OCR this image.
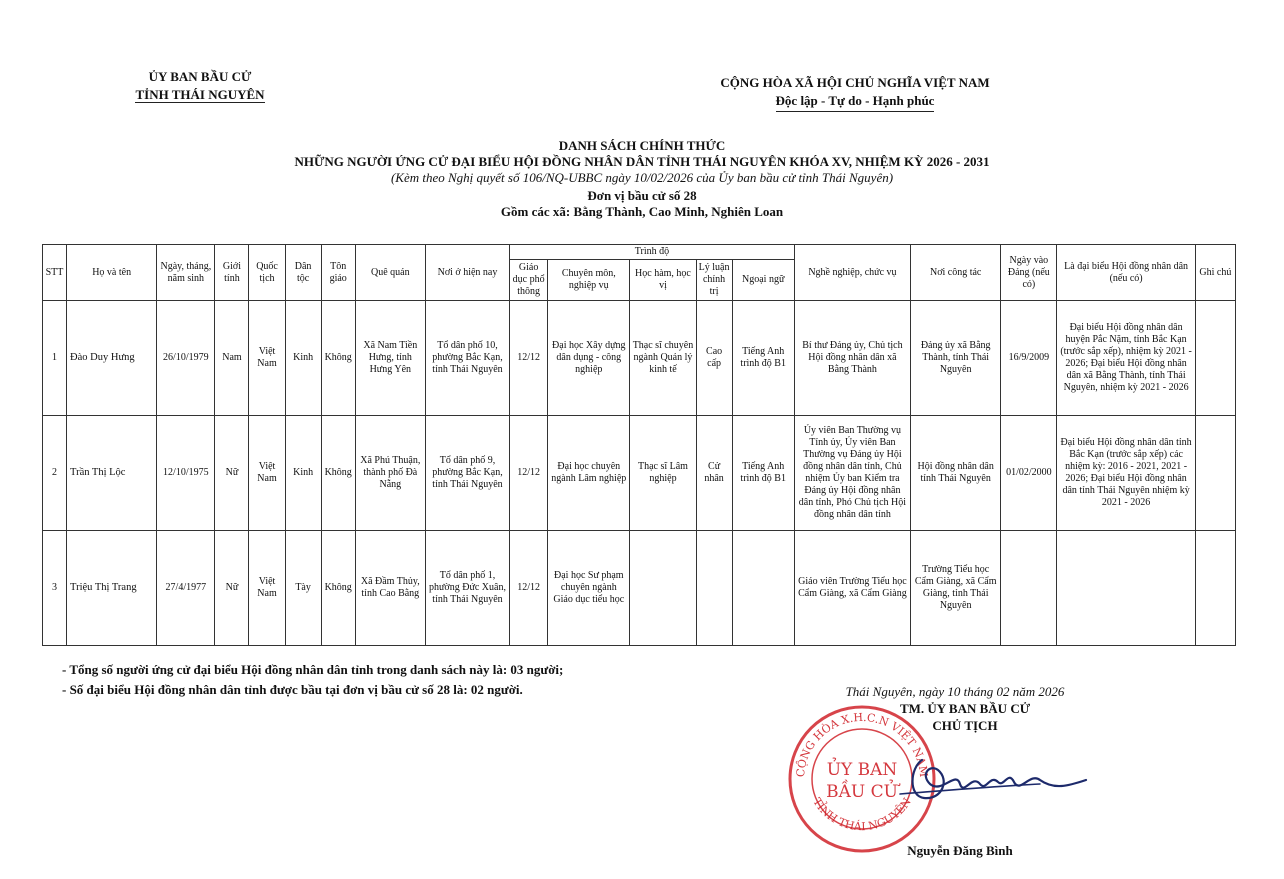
ỦY BAN BẦU CỬ
TỈNH THÁI NGUYÊN
CỘNG HÒA XÃ HỘI CHỦ NGHĨA VIỆT NAM
Độc lập - Tự do - Hạnh phúc
DANH SÁCH CHÍNH THỨC
NHỮNG NGƯỜI ỨNG CỬ ĐẠI BIỂU HỘI ĐỒNG NHÂN DÂN TỈNH THÁI NGUYÊN KHÓA XV, NHIỆM KỲ 2026 - 2031
(Kèm theo Nghị quyết số 106/NQ-UBBC ngày 10/02/2026 của Ủy ban bầu cử tỉnh Thái Nguyên)
Đơn vị bầu cử số 28
Gồm các xã: Bằng Thành, Cao Minh, Nghiên Loan
STT	Họ và tên	Ngày, tháng, năm sinh	Giới tính	Quốc tịch	Dân tộc	Tôn giáo	Quê quán	Nơi ở hiện nay	Trình độ					Nghề nghiệp, chức vụ	Nơi công tác	Ngày vào Đảng (nếu có)	Là đại biểu Hội đồng nhân dân (nếu có)	Ghi chú
									Giáo dục phổ thông	Chuyên môn, nghiệp vụ	Học hàm, học vị	Lý luận chính trị	Ngoại ngữ					
1	Đào Duy Hưng	26/10/1979	Nam	Việt Nam	Kinh	Không	Xã Nam Tiền Hưng, tỉnh Hưng Yên	Tổ dân phố 10, phường Bắc Kạn, tỉnh Thái Nguyên	12/12	Đại học Xây dựng dân dụng - công nghiệp	Thạc sĩ chuyên ngành Quản lý kinh tế	Cao cấp	Tiếng Anh trình độ B1	Bí thư Đảng ủy, Chủ tịch Hội đồng nhân dân xã Bằng Thành	Đảng ủy xã Bằng Thành, tỉnh Thái Nguyên	16/9/2009	Đại biểu Hội đồng nhân dân huyện Pắc Nặm, tỉnh Bắc Kạn (trước sắp xếp), nhiệm kỳ 2021 - 2026; Đại biểu Hội đồng nhân dân xã Bằng Thành, tỉnh Thái Nguyên, nhiệm kỳ 2021 - 2026	
2	Trần Thị Lộc	12/10/1975	Nữ	Việt Nam	Kinh	Không	Xã Phú Thuận, thành phố Đà Nẵng	Tổ dân phố 9, phường Bắc Kạn, tỉnh Thái Nguyên	12/12	Đại học chuyên ngành Lâm nghiệp	Thạc sĩ Lâm nghiệp	Cử nhân	Tiếng Anh trình độ B1	Ủy viên Ban Thường vụ Tỉnh ủy, Ủy viên Ban Thường vụ Đảng ủy Hội đồng nhân dân tỉnh, Chủ nhiệm Ủy ban Kiểm tra Đảng ủy Hội đồng nhân dân tỉnh, Phó Chủ tịch Hội đồng nhân dân tỉnh	Hội đồng nhân dân tỉnh Thái Nguyên	01/02/2000	Đại biểu Hội đồng nhân dân tỉnh Bắc Kạn (trước sắp xếp) các nhiệm kỳ: 2016 - 2021, 2021 - 2026; Đại biểu Hội đồng nhân dân tỉnh Thái Nguyên nhiệm kỳ 2021 - 2026	
3	Triệu Thị Trang	27/4/1977	Nữ	Việt Nam	Tày	Không	Xã Đầm Thủy, tỉnh Cao Bằng	Tổ dân phố 1, phường Đức Xuân, tỉnh Thái Nguyên	12/12	Đại học Sư phạm chuyên ngành Giáo dục tiểu học				Giáo viên Trường Tiểu học Cẩm Giàng, xã Cẩm Giàng	Trường Tiểu học Cẩm Giàng, xã Cẩm Giàng, tỉnh Thái Nguyên			
- Tổng số người ứng cử đại biểu Hội đồng nhân dân tỉnh trong danh sách này là: 03 người;
- Số đại biểu Hội đồng nhân dân tỉnh được bầu tại đơn vị bầu cử số 28 là: 02 người.	Thái Nguyên, ngày 10 tháng 02 năm 2026
TM. ỦY BAN BẦU CỬ
CHỦ TỊCH
CỘNG HÒA X.H.C.N VIỆT NAM
TỈNH THÁI NGUYÊN
ỦY BAN
BẦU CỬ
Nguyễn Đăng Bình
